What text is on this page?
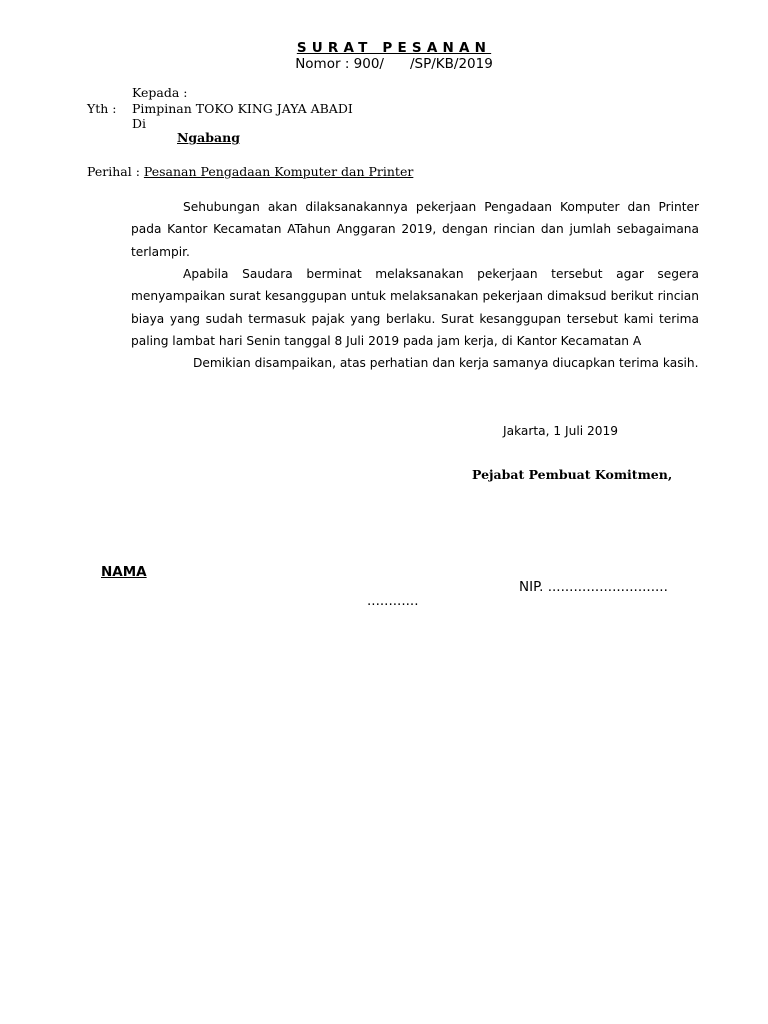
SURAT PESANAN
Nomor : 900/ /SP/KB/2019
Kepada :
Yth : Pimpinan TOKO KING JAYA ABADI
Di
Ngabang
Perihal : Pesanan Pengadaan Komputer dan Printer
Sehubungan akan dilaksanakannya pekerjaan Pengadaan Komputer dan Printer pada Kantor Kecamatan ATahun Anggaran 2019, dengan rincian dan jumlah sebagaimana terlampir.
Apabila Saudara berminat melaksanakan pekerjaan tersebut agar segera menyampaikan surat kesanggupan untuk melaksanakan pekerjaan dimaksud berikut rincian biaya yang sudah termasuk pajak yang berlaku. Surat kesanggupan tersebut kami terima paling lambat hari Senin tanggal 8 Juli 2019 pada jam kerja, di Kantor Kecamatan A
Demikian disampaikan, atas perhatian dan kerja samanya diucapkan terima kasih.
Jakarta, 1 Juli 2019
Pejabat Pembuat Komitmen,
NAMA
NIP. ............................
............
